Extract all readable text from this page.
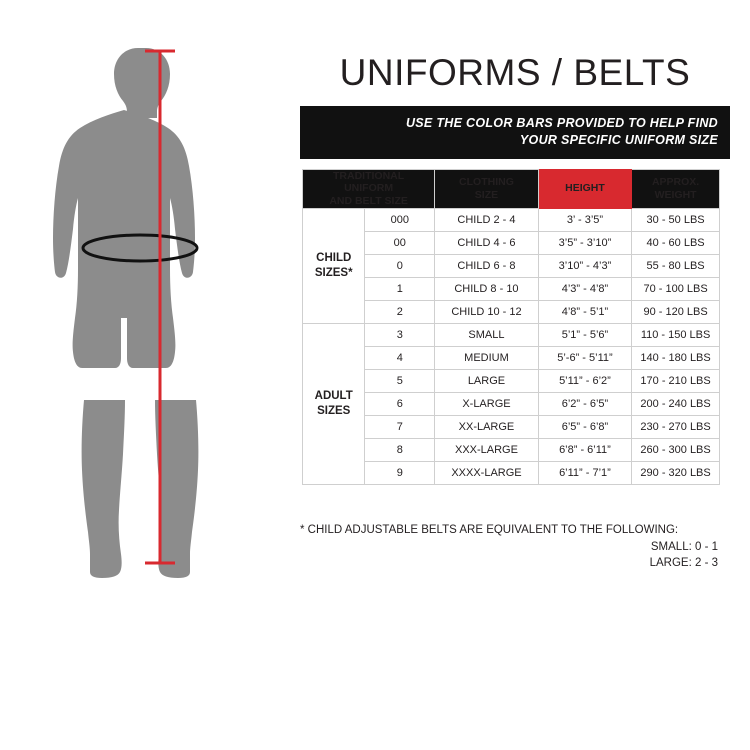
UNIFORMS / BELTS
USE THE COLOR BARS PROVIDED TO HELP FIND
YOUR SPECIFIC UNIFORM SIZE
TRADITIONAL
UNIFORM
AND BELT SIZE		CLOTHING
SIZE	HEIGHT	APPROX.
WEIGHT

CHILD
SIZES*	000	CHILD 2 - 4	3’ - 3’5”	30 - 50 LBS
	00	CHILD 4 - 6	3’5” - 3’10”	40 - 60 LBS
	0	CHILD 6 - 8	3’10” - 4’3”	55 - 80 LBS
	1	CHILD 8 - 10	4’3” - 4’8”	70 - 100 LBS
	2	CHILD 10 - 12	4’8” - 5’1”	90 - 120 LBS

ADULT
SIZES	3	SMALL	5’1” - 5’6”	110 - 150 LBS
	4	MEDIUM	5’-6” - 5’11”	140 - 180 LBS
	5	LARGE	5’11” - 6’2”	170 - 210 LBS
	6	X-LARGE	6’2” - 6’5”	200 - 240 LBS
	7	XX-LARGE	6’5” - 6’8”	230 - 270 LBS
	8	XXX-LARGE	6’8” - 6’11”	260 - 300 LBS
	9	XXXX-LARGE	6’11” - 7’1”	290 - 320 LBS
* CHILD ADJUSTABLE BELTS ARE EQUIVALENT TO THE FOLLOWING:
SMALL: 0 - 1
LARGE: 2 - 3
